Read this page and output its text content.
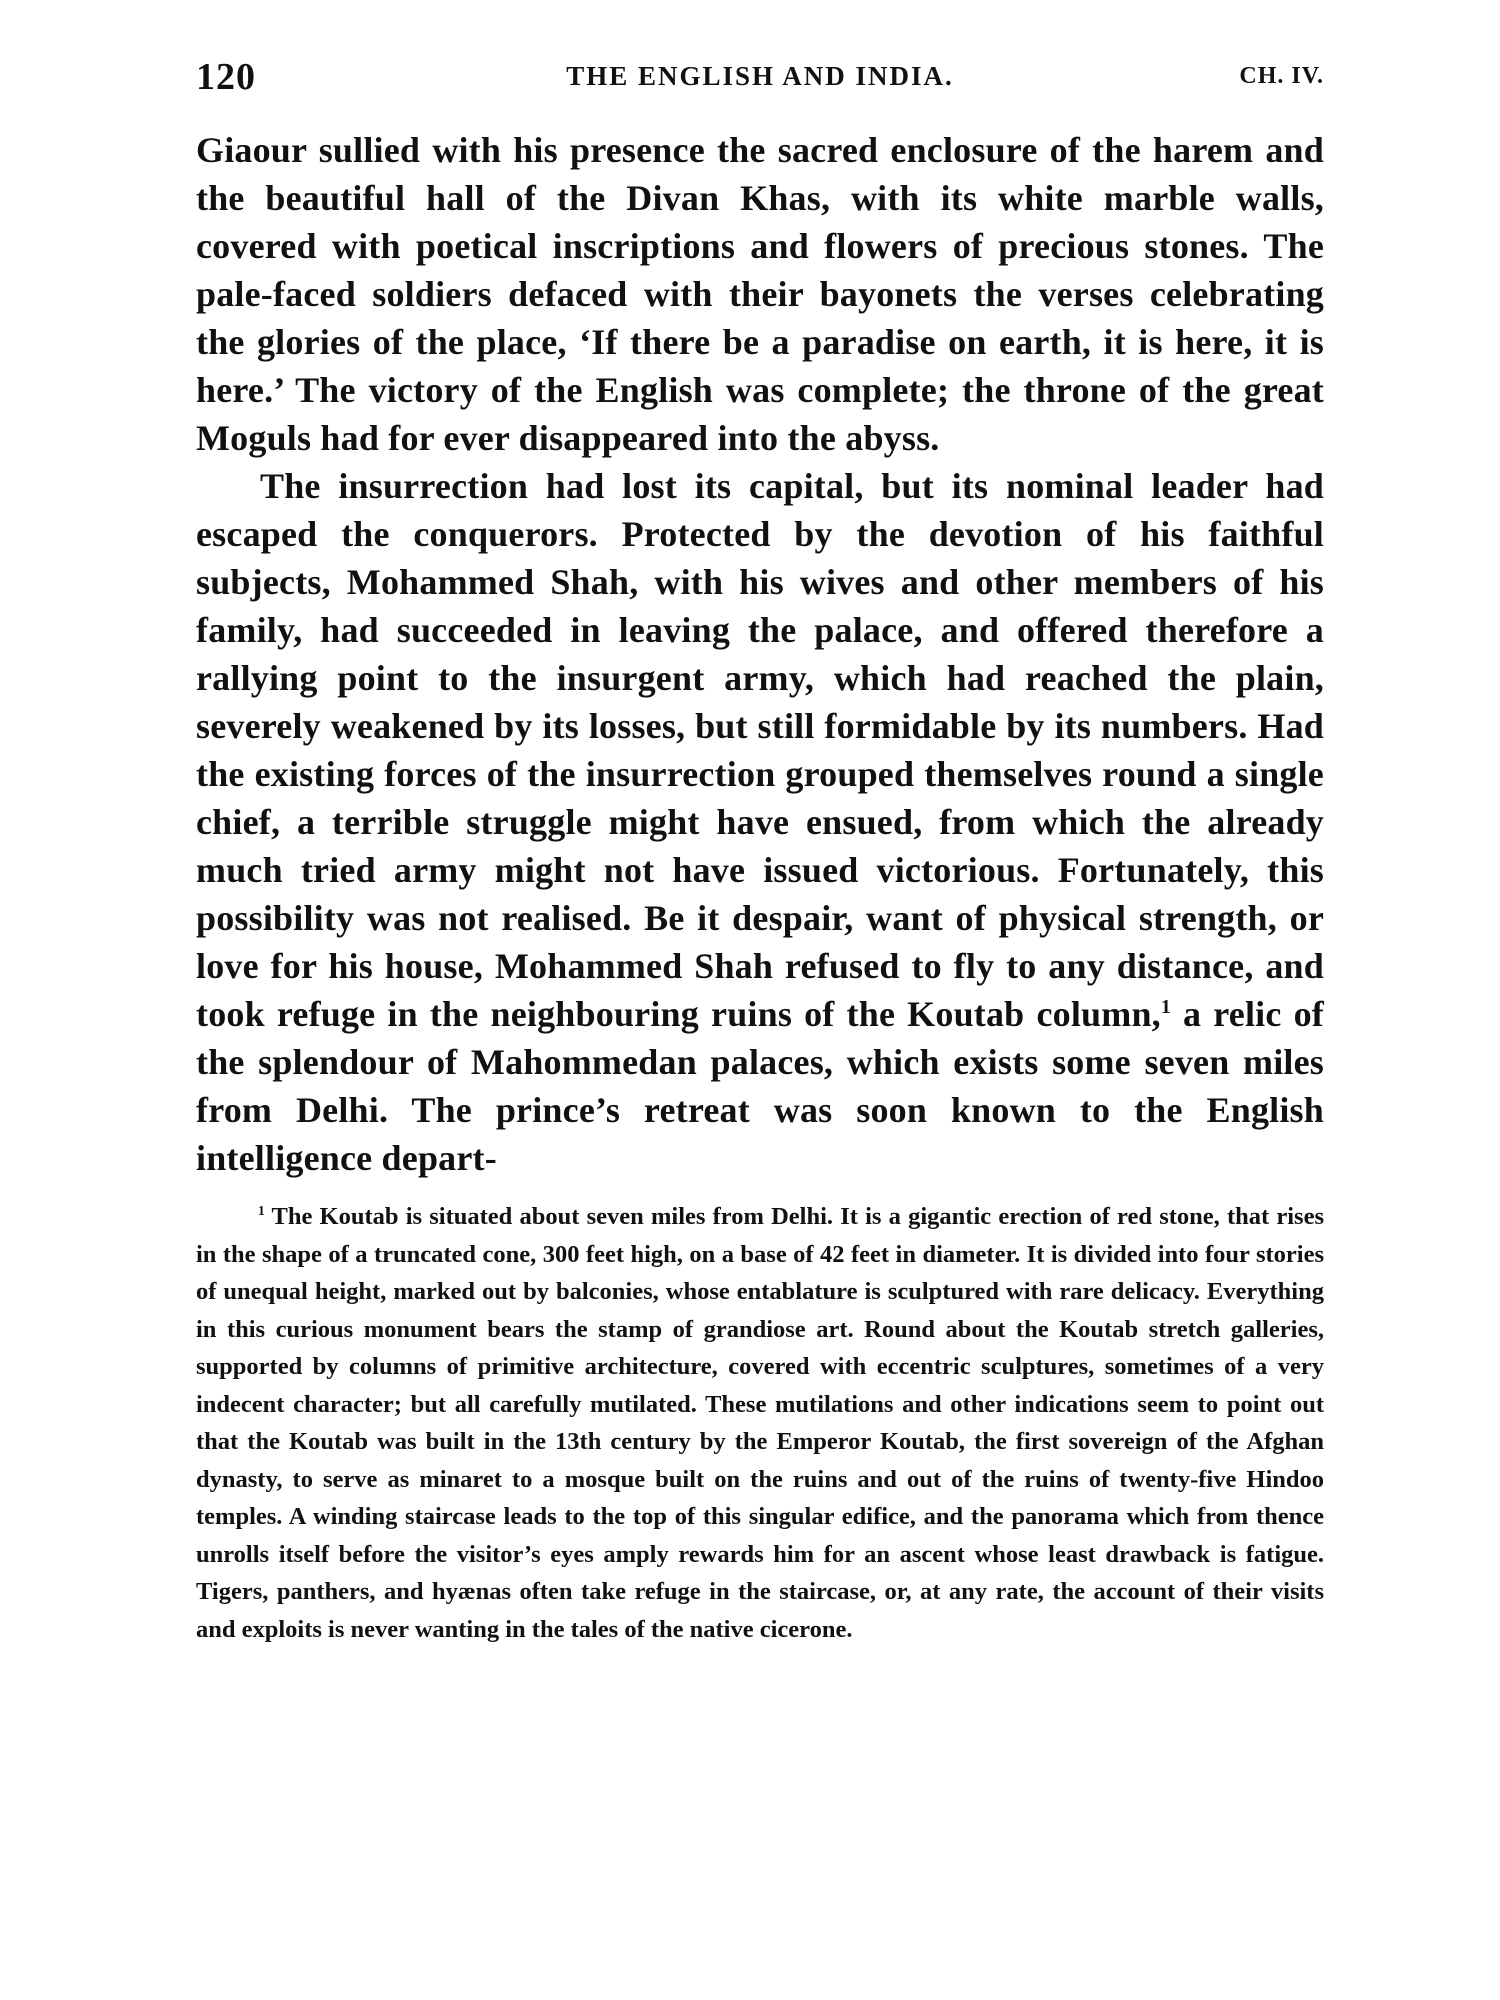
120	THE ENGLISH AND INDIA.	CH. IV.

Giaour sullied with his presence the sacred enclosure of the harem and the beautiful hall of the Divan Khas, with its white marble walls, covered with poetical inscriptions and flowers of precious stones. The pale-faced soldiers defaced with their bayonets the verses celebrating the glories of the place, ‘If there be a paradise on earth, it is here, it is here.’ The victory of the English was complete; the throne of the great Moguls had for ever disappeared into the abyss.

The insurrection had lost its capital, but its nominal leader had escaped the conquerors. Protected by the devotion of his faithful subjects, Mohammed Shah, with his wives and other members of his family, had succeeded in leaving the palace, and offered therefore a rallying point to the insurgent army, which had reached the plain, severely weakened by its losses, but still formidable by its numbers. Had the existing forces of the insurrection grouped themselves round a single chief, a terrible struggle might have ensued, from which the already much tried army might not have issued victorious. Fortunately, this possibility was not realised. Be it despair, want of physical strength, or love for his house, Mohammed Shah refused to fly to any distance, and took refuge in the neighbouring ruins of the Koutab column,$^1$ a relic of the splendour of Mahommedan palaces, which exists some seven miles from Delhi. The prince’s retreat was soon known to the English intelligence depart-

$^1$ The Koutab is situated about seven miles from Delhi. It is a gigantic erection of red stone, that rises in the shape of a truncated cone, 300 feet high, on a base of 42 feet in diameter. It is divided into four stories of unequal height, marked out by balconies, whose entablature is sculptured with rare delicacy. Everything in this curious monument bears the stamp of grandiose art. Round about the Koutab stretch galleries, supported by columns of primitive architecture, covered with eccentric sculptures, sometimes of a very indecent character; but all carefully mutilated. These mutilations and other indications seem to point out that the Koutab was built in the 13th century by the Emperor Koutab, the first sovereign of the Afghan dynasty, to serve as minaret to a mosque built on the ruins and out of the ruins of twenty-five Hindoo temples. A winding staircase leads to the top of this singular edifice, and the panorama which from thence unrolls itself before the visitor’s eyes amply rewards him for an ascent whose least drawback is fatigue. Tigers, panthers, and hyænas often take refuge in the staircase, or, at any rate, the account of their visits and exploits is never wanting in the tales of the native cicerone.
